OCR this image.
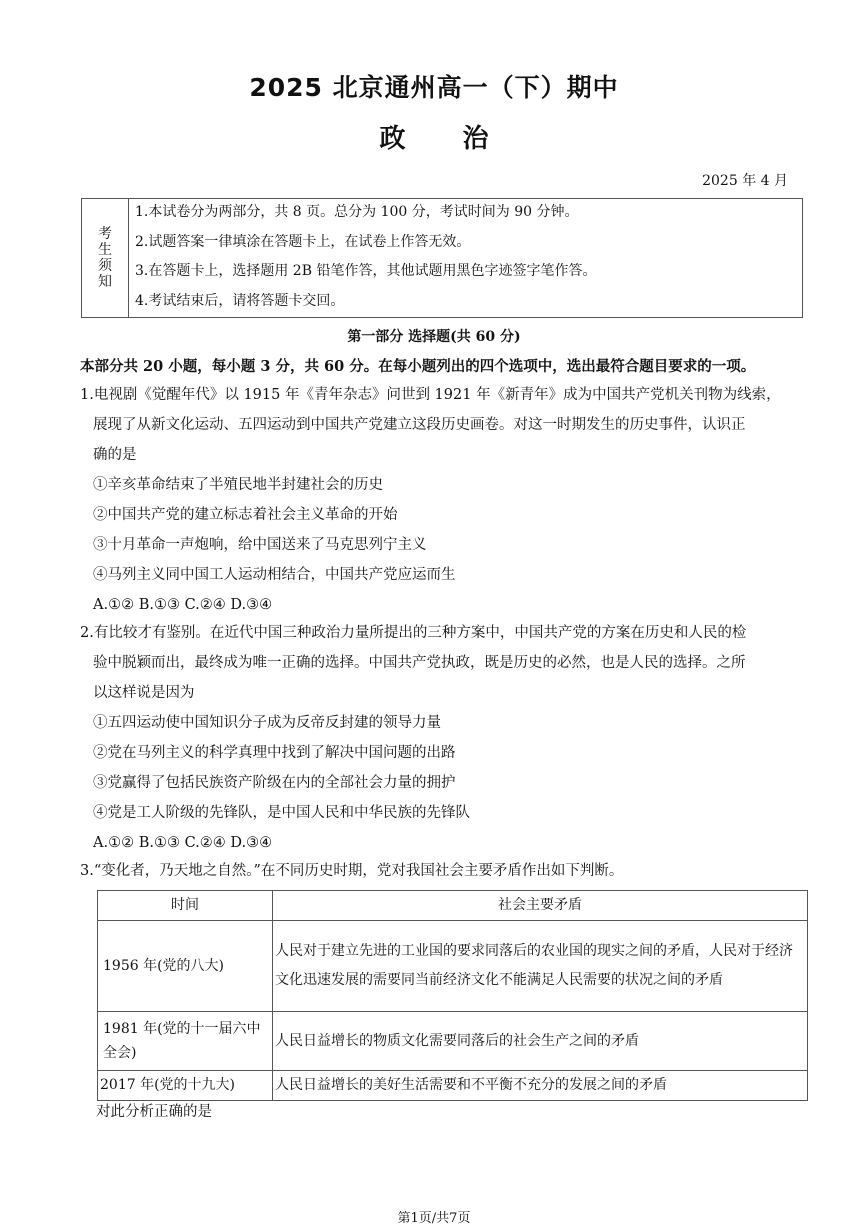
2025 北京通州高一（下）期中
政 治
2025 年 4 月
考
生
须
知

1.本试卷分为两部分，共 8 页。总分为 100 分，考试时间为 90 分钟。
2.试题答案一律填涂在答题卡上，在试卷上作答无效。
3.在答题卡上，选择题用 2B 铅笔作答，其他试题用黑色字迹签字笔作答。
4.考试结束后，请将答题卡交回。
第一部分 选择题(共 60 分)
本部分共 20 小题，每小题 3 分，共 60 分。在每小题列出的四个选项中，选出最符合题目要求的一项。
1.电视剧《觉醒年代》以 1915 年《青年杂志》问世到 1921 年《新青年》成为中国共产党机关刊物为线索，
展现了从新文化运动、五四运动到中国共产党建立这段历史画卷。对这一时期发生的历史事件，认识正
确的是
①辛亥革命结束了半殖民地半封建社会的历史
②中国共产党的建立标志着社会主义革命的开始
③十月革命一声炮响，给中国送来了马克思列宁主义
④马列主义同中国工人运动相结合，中国共产党应运而生
A.①② B.①③ C.②④ D.③④
2.有比较才有鉴别。在近代中国三种政治力量所提出的三种方案中，中国共产党的方案在历史和人民的检
验中脱颖而出，最终成为唯一正确的选择。中国共产党执政，既是历史的必然，也是人民的选择。之所
以这样说是因为
①五四运动使中国知识分子成为反帝反封建的领导力量
②党在马列主义的科学真理中找到了解决中国问题的出路
③党赢得了包括民族资产阶级在内的全部社会力量的拥护
④党是工人阶级的先锋队，是中国人民和中华民族的先锋队
A.①② B.①③ C.②④ D.③④
3.“变化者，乃天地之自然。”在不同历史时期，党对我国社会主要矛盾作出如下判断。
时间	社会主要矛盾
1956 年(党的八大)	人民对于建立先进的工业国的要求同落后的农业国的现实之间的矛盾，人民对于经济文化迅速发展的需要同当前经济文化不能满足人民需要的状况之间的矛盾
1981 年(党的十一届六中全会)	人民日益增长的物质文化需要同落后的社会生产之间的矛盾
2017 年(党的十九大)	人民日益增长的美好生活需要和不平衡不充分的发展之间的矛盾
对此分析正确的是
第1页/共7页
